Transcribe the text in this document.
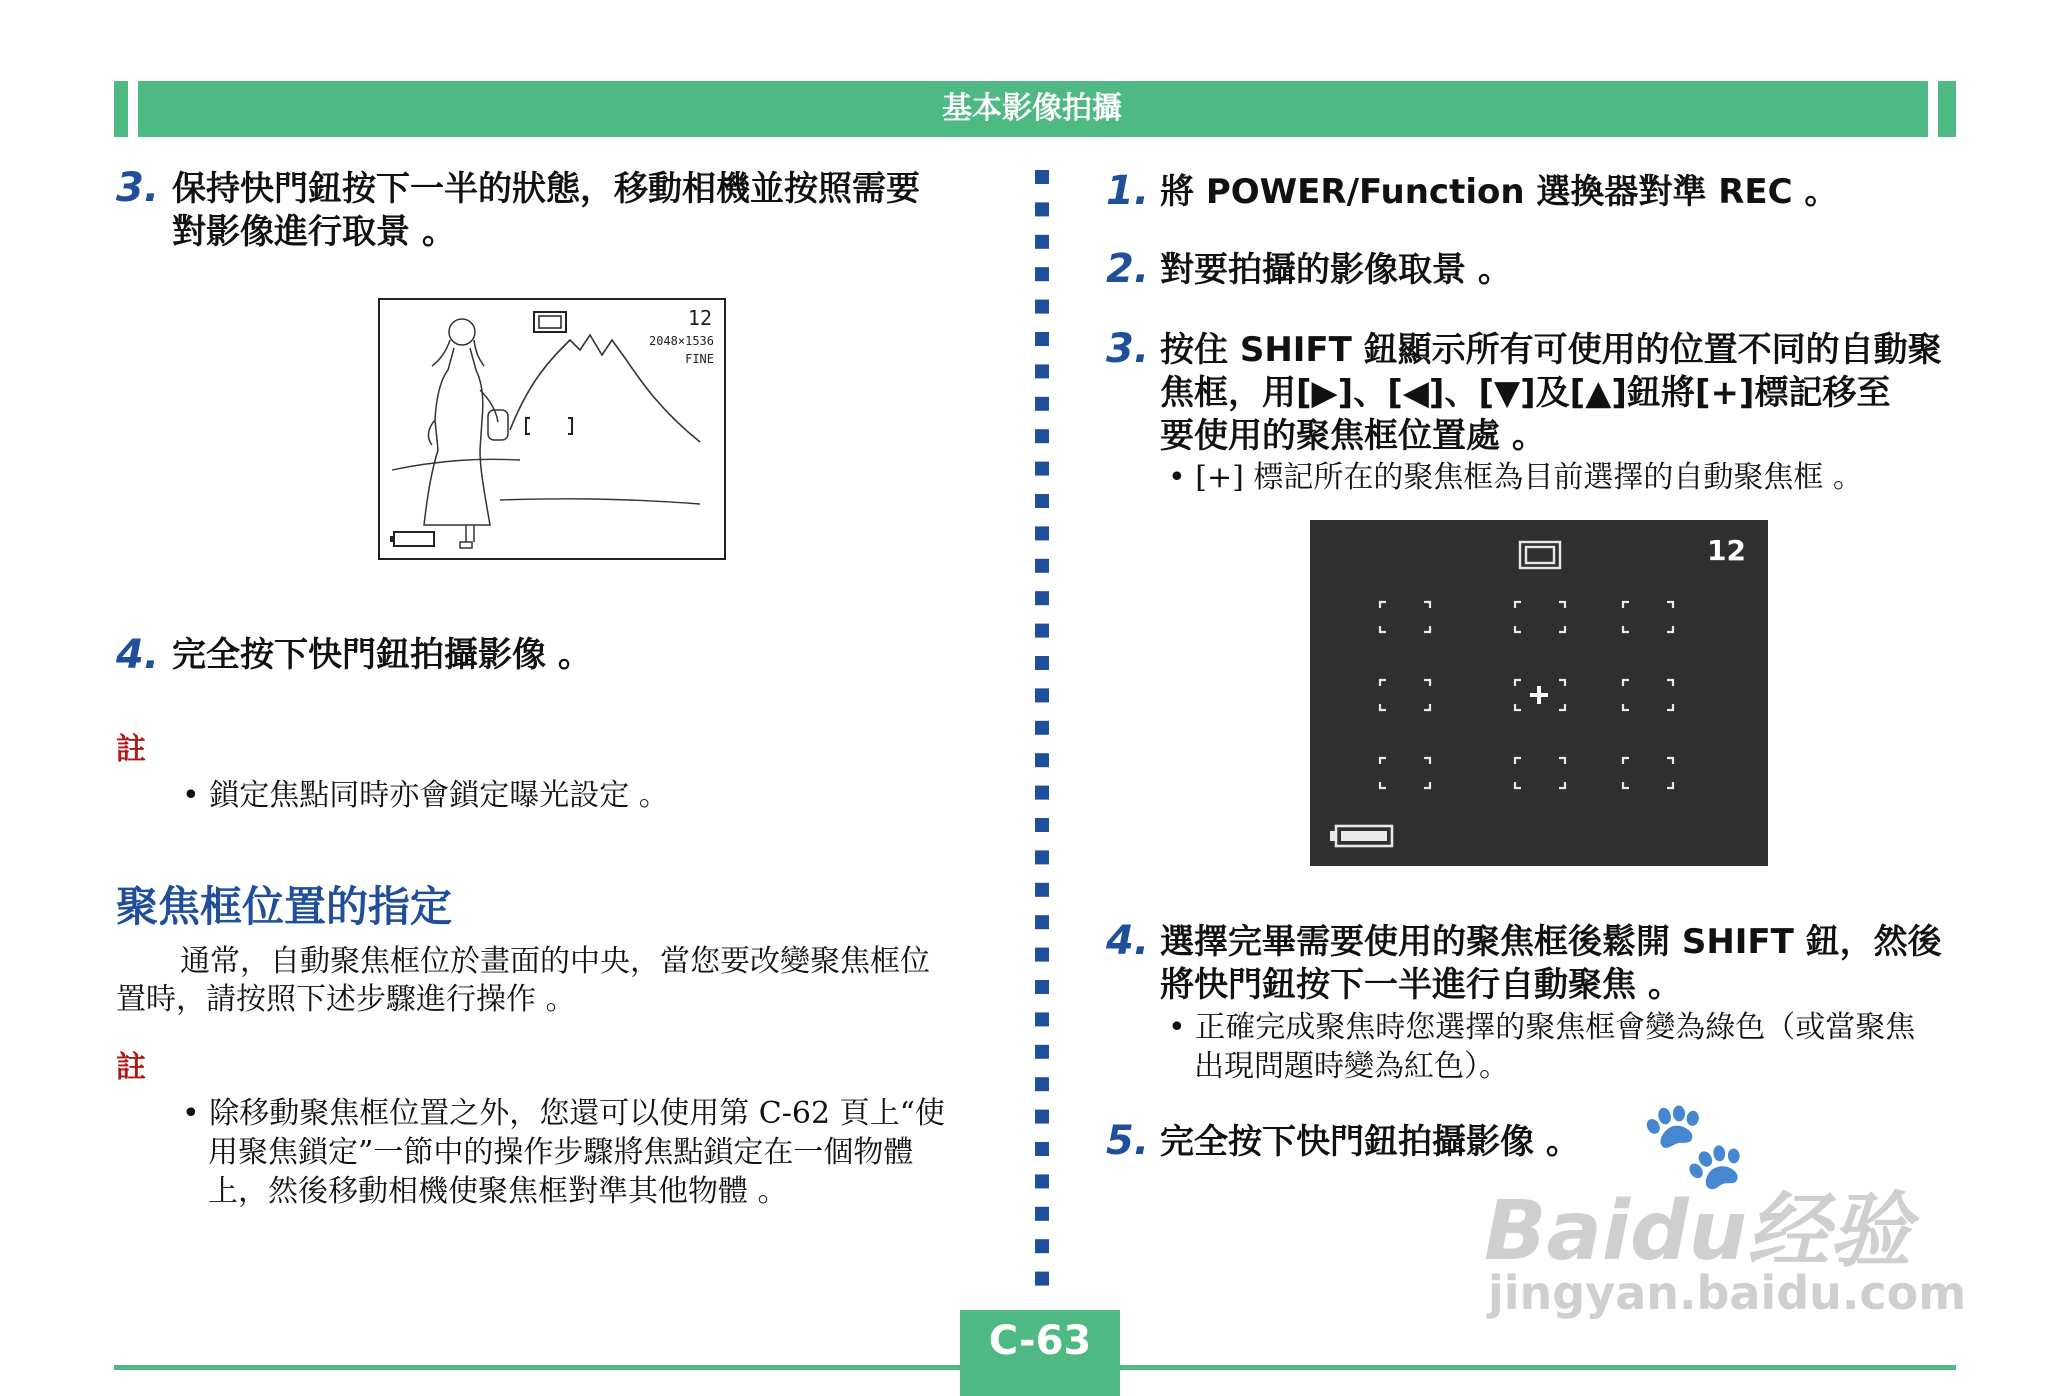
基本影像拍攝
3. 保持快門鈕按下一半的狀態，移動相機並按照需要
對影像進行取景 。
12
2048×1536
FINE
4. 完全按下快門鈕拍攝影像 。
註
• 鎖定焦點同時亦會鎖定曝光設定 。
聚焦框位置的指定
通常，自動聚焦框位於畫面的中央，當您要改變聚焦框位
置時，請按照下述步驟進行操作 。
註
• 除移動聚焦框位置之外，您還可以使用第 C-62 頁上“使
用聚焦鎖定”一節中的操作步驟將焦點鎖定在一個物體
上，然後移動相機使聚焦框對準其他物體 。
1. 將 POWER/Function 選換器對準 REC 。
2. 對要拍攝的影像取景 。
3. 按住 SHIFT 鈕顯示所有可使用的位置不同的自動聚
焦框，用[▶]、[◀]、[▼]及[▲]鈕將[+]標記移至
要使用的聚焦框位置處 。
• [+] 標記所在的聚焦框為目前選擇的自動聚焦框 。
12
4. 選擇完畢需要使用的聚焦框後鬆開 SHIFT 鈕，然後
將快門鈕按下一半進行自動聚焦 。
• 正確完成聚焦時您選擇的聚焦框會變為綠色（或當聚焦
出現問題時變為紅色）。
5. 完全按下快門鈕拍攝影像 。 🐾
Baidu经验
jingyan.baidu.com
C-63
